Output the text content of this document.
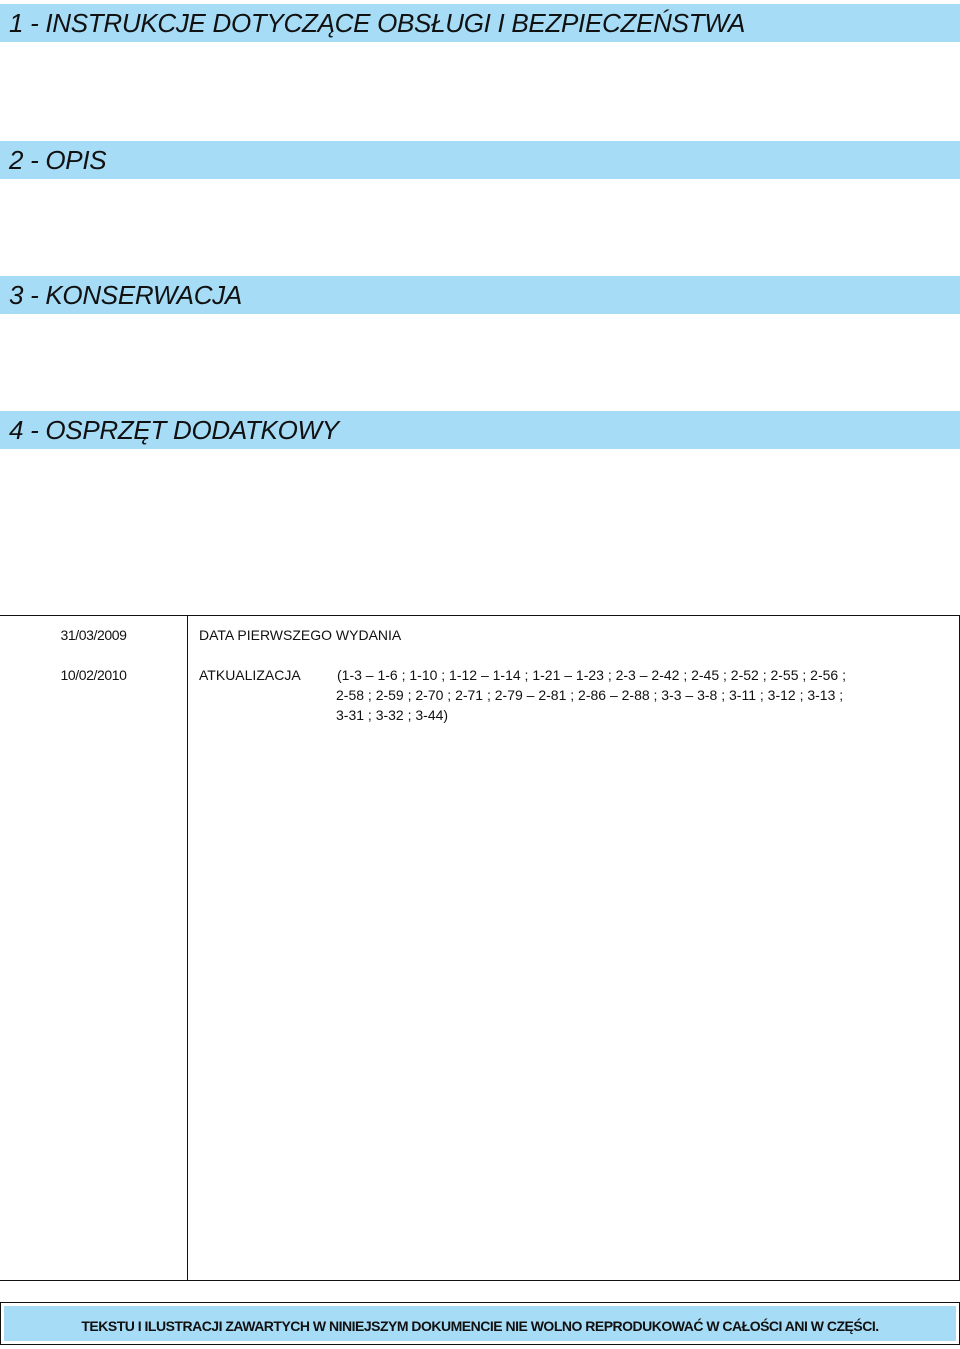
1 - INSTRUKCJE DOTYCZĄCE OBSŁUGI I BEZPIECZEŃSTWA
2 - OPIS
3 - KONSERWACJA
4 - OSPRZĘT DODATKOWY
31/03/2009	DATA PIERWSZEGO WYDANIA
10/02/2010	ATKUALIZACJA	(1-3 – 1-6 ; 1-10 ; 1-12 – 1-14 ; 1-21 – 1-23 ; 2-3 – 2-42 ; 2-45 ; 2-52 ; 2-55 ; 2-56 ;
2-58 ; 2-59 ; 2-70 ; 2-71 ; 2-79 – 2-81 ; 2-86 – 2-88 ; 3-3 – 3-8 ; 3-11 ; 3-12 ; 3-13 ;
3-31 ; 3-32 ; 3-44)
TEKSTU I ILUSTRACJI ZAWARTYCH W NINIEJSZYM DOKUMENCIE NIE WOLNO REPRODUKOWAĆ W CAŁOŚCI ANI W CZĘŚCI.
